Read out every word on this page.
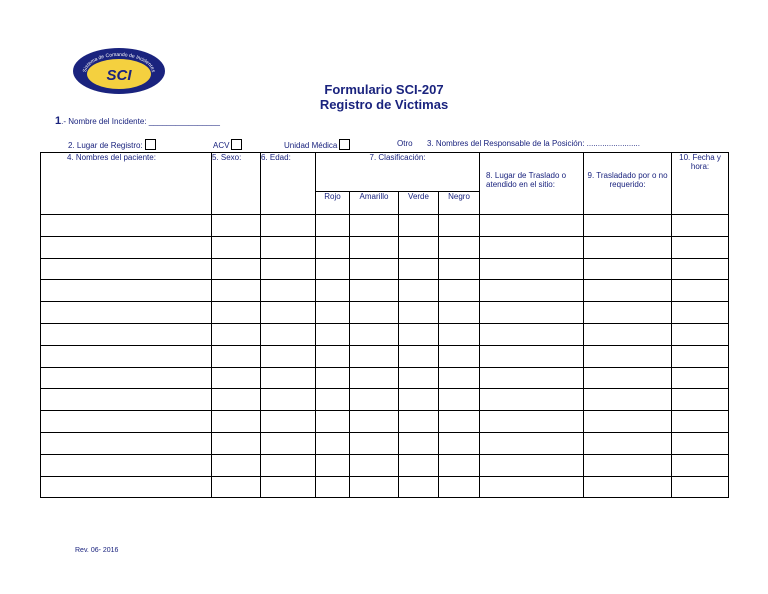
Sistema de Comando de Incidentes
SCI
Formulario SCI-207
Registro de Victimas
1.- Nombre del Incidente: ________________
2. Lugar de Registro:	ACV	Unidad Médica	Otro 3. Nombres del Responsable de la Posición: ........................
4. Nombres del paciente:	5. Sexo:	6. Edad:	7. Clasificación:				8. Lugar de Traslado o atendido en el sitio:	9. Trasladado por o no requerido:	10. Fecha y hora:
			Rojo	Amarillo	Verde	Negro			

Rev. 06- 2016
